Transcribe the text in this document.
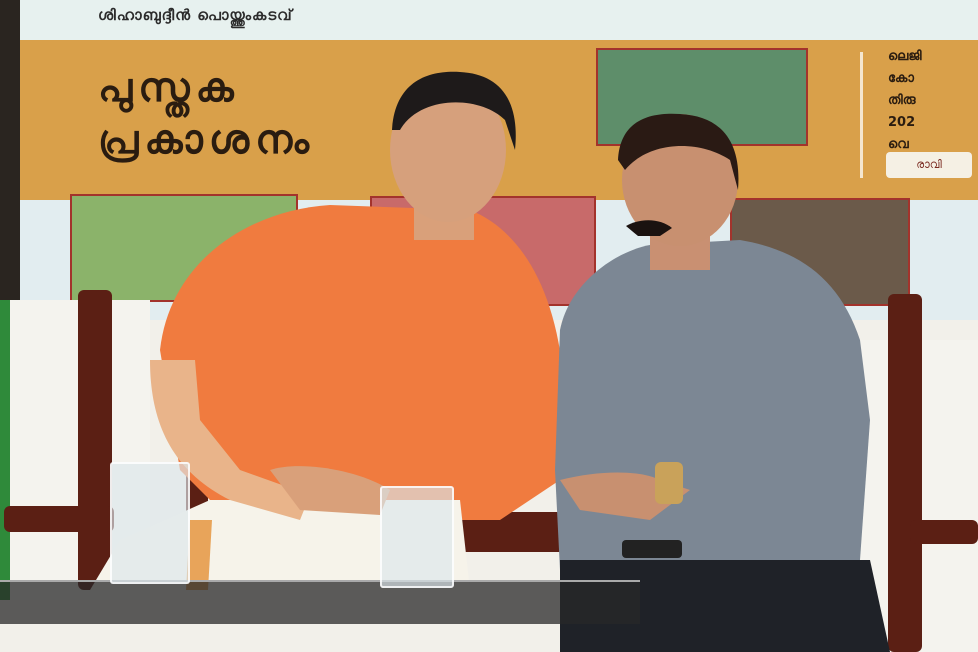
ശിഹാബുദ്ദീൻ പൊയ്ത്തുംകടവ്
പുസ്തക
പ്രകാശനം
ലെജി
കോ
തിരു
202
വെ
രാവി
